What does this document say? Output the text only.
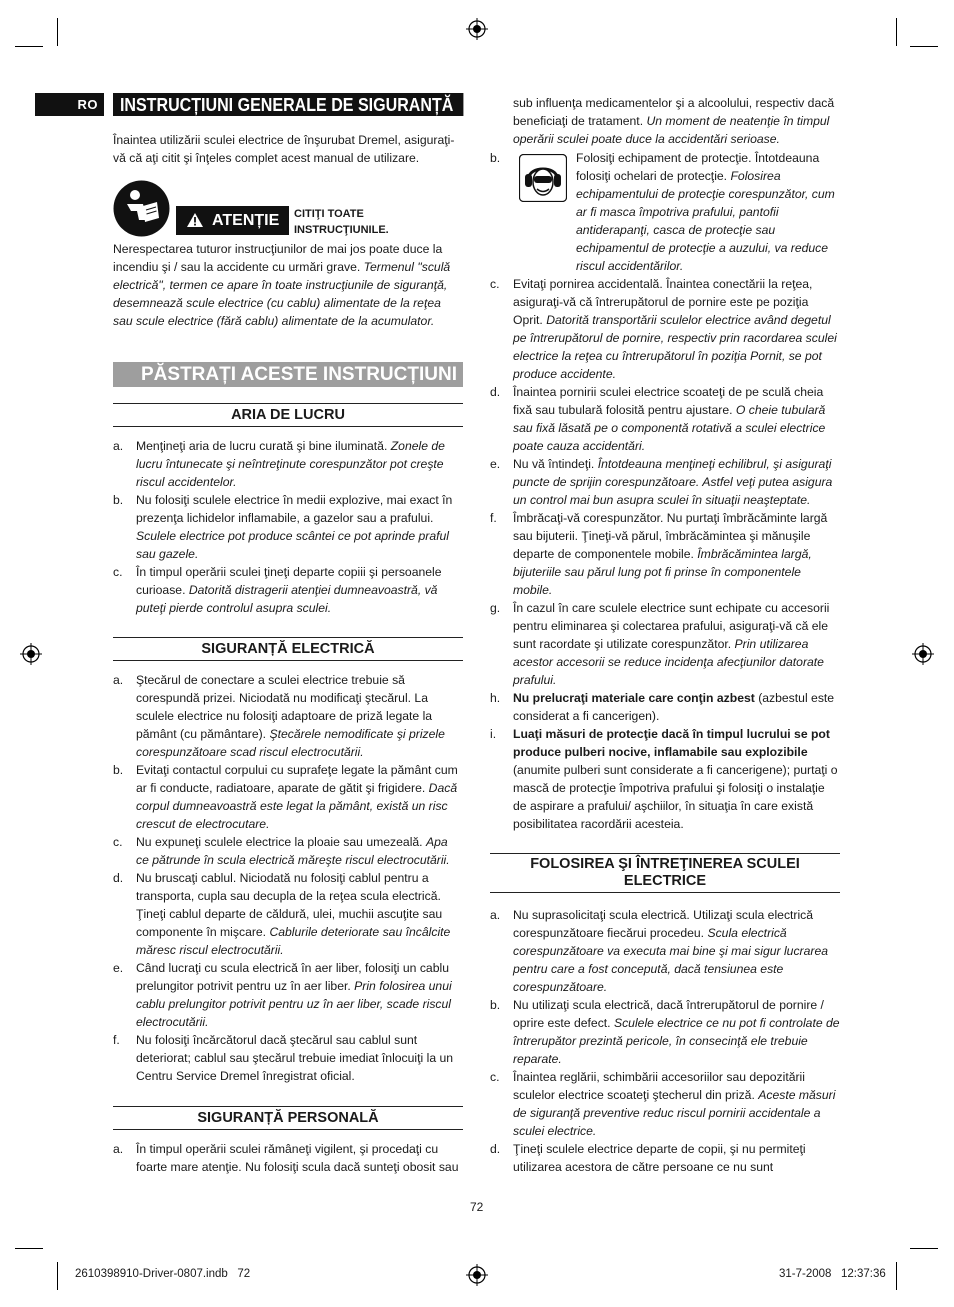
RO	INSTRUCȚIUNI GENERALE DE SIGURANȚĂ
Înaintea utilizării sculei electrice de înşurubat Dremel, asiguraţi-vă că aţi citit şi înţeles complet acest manual de utilizare.
ATENȚIE	CITIŢI TOATE
INSTRUCŢIUNILE.
Nerespectarea tuturor instrucţiunilor de mai jos poate duce la incendiu şi / sau la accidente cu urmări grave. Termenul "sculă electrică", termen ce apare în toate instrucţiunile de siguranţă, desemnează scule electrice (cu cablu) alimentate de la reţea sau scule electrice (fără cablu) alimentate de la acumulator.
PĂSTRAȚI ACESTE INSTRUCȚIUNI
ARIA DE LUCRU
a. Menţineţi aria de lucru curată şi bine iluminată. Zonele de lucru întunecate şi neîntreţinute corespunzător pot creşte riscul accidentelor.
b. Nu folosiţi sculele electrice în medii explozive, mai exact în prezenţa lichidelor inflamabile, a gazelor sau a prafului. Sculele electrice pot produce scântei ce pot aprinde praful sau gazele.
c. În timpul operării sculei ţineţi departe copiii şi persoanele curioase. Datorită distragerii atenţiei dumneavoastră, vă puteţi pierde controlul asupra sculei.
SIGURANȚĂ ELECTRICĂ
a. Ştecărul de conectare a sculei electrice trebuie să corespundă prizei. Niciodată nu modificaţi ştecărul. La sculele electrice nu folosiţi adaptoare de priză legate la pământ (cu pământare). Ştecărele nemodificate şi prizele corespunzătoare scad riscul electrocutării.
b. Evitaţi contactul corpului cu suprafeţe legate la pământ cum ar fi conducte, radiatoare, aparate de gătit şi frigidere. Dacă corpul dumneavoastră este legat la pământ, există un risc crescut de electrocutare.
c. Nu expuneţi sculele electrice la ploaie sau umezeală. Apa ce pătrunde în scula electrică măreşte riscul electrocutării.
d. Nu bruscaţi cablul. Niciodată nu folosiţi cablul pentru a transporta, cupla sau decupla de la reţea scula electrică. Ţineţi cablul departe de căldură, ulei, muchii ascuţite sau componente în mişcare. Cablurile deteriorate sau încâlcite măresc riscul electrocutării.
e. Când lucraţi cu scula electrică în aer liber, folosiţi un cablu prelungitor potrivit pentru uz în aer liber. Prin folosirea unui cablu prelungitor potrivit pentru uz în aer liber, scade riscul electrocutării.
f. Nu folosiţi încărcătorul dacă ştecărul sau cablul sunt deteriorat; cablul sau ştecărul trebuie imediat înlocuiţi la un Centru Service Dremel înregistrat oficial.
SIGURANȚĂ PERSONALĂ
a. În timpul operării sculei rămâneţi vigilent, şi procedaţi cu foarte mare atenţie. Nu folosiţi scula dacă sunteţi obosit sau
sub influenţa medicamentelor şi a alcoolului, respectiv dacă beneficiaţi de tratament. Un moment de neatenţie în timpul operării sculei poate duce la accidentări serioase.
b.	Folosiţi echipament de protecţie. Întotdeauna folosiţi ochelari de protecţie. Folosirea echipamentului de protecţie corespunzător, cum ar fi masca împotriva prafului, pantofii antiderapanţi, casca de protecţie sau echipamentul de protecţie a auzului, va reduce riscul accidentărilor.
c. Evitaţi pornirea accidentală. Înaintea conectării la reţea, asiguraţi-vă că întrerupătorul de pornire este pe poziţia Oprit. Datorită transportării sculelor electrice având degetul pe întrerupătorul de pornire, respectiv prin racordarea sculei electrice la reţea cu întrerupătorul în poziţia Pornit, se pot produce accidente.
d. Înaintea pornirii sculei electrice scoateţi de pe sculă cheia fixă sau tubulară folosită pentru ajustare. O cheie tubulară sau fixă lăsată pe o componentă rotativă a sculei electrice poate cauza accidentări.
e. Nu vă întindeţi. Întotdeauna menţineţi echilibrul, şi asiguraţi puncte de sprijin corespunzătoare. Astfel veţi putea asigura un control mai bun asupra sculei în situaţii neaşteptate.
f. Îmbrăcaţi-vă corespunzător. Nu purtaţi îmbrăcăminte largă sau bijuterii. Ţineţi-vă părul, îmbrăcămintea şi mănuşile departe de componentele mobile. Îmbrăcămintea largă, bijuteriile sau părul lung pot fi prinse în componentele mobile.
g. În cazul în care sculele electrice sunt echipate cu accesorii pentru eliminarea şi colectarea prafului, asiguraţi-vă că ele sunt racordate şi utilizate corespunzător. Prin utilizarea acestor accesorii se reduce incidenţa afecţiunilor datorate prafului.
h. Nu prelucraţi materiale care conţin azbest (azbestul este considerat a fi cancerigen).
i. Luaţi măsuri de protecţie dacă în timpul lucrului se pot produce pulberi nocive, inflamabile sau explozibile (anumite pulberi sunt considerate a fi cancerigene); purtaţi o mască de protecţie împotriva prafului şi folosiţi o instalaţie de aspirare a prafului/ aşchiilor, în situaţia în care există posibilitatea racordării acesteia.
FOLOSIREA ŞI ÎNTREŢINEREA SCULEI
ELECTRICE
a. Nu suprasolicitaţi scula electrică. Utilizaţi scula electrică corespunzătoare fiecărui procedeu. Scula electrică corespunzătoare va executa mai bine şi mai sigur lucrarea pentru care a fost concepută, dacă tensiunea este corespunzătoare.
b. Nu utilizaţi scula electrică, dacă întrerupătorul de pornire / oprire este defect. Sculele electrice ce nu pot fi controlate de întrerupător prezintă pericole, în consecinţă ele trebuie reparate.
c. Înaintea reglării, schimbării accesoriilor sau depozitării sculelor electrice scoateţi ştecherul din priză. Aceste măsuri de siguranţă preventive reduc riscul pornirii accidentale a sculei electrice.
d. Ţineţi sculele electrice departe de copii, şi nu permiteţi utilizarea acestora de către persoane ce nu sunt
72
2610398910-Driver-0807.indb   72	31-7-2008   12:37:36
